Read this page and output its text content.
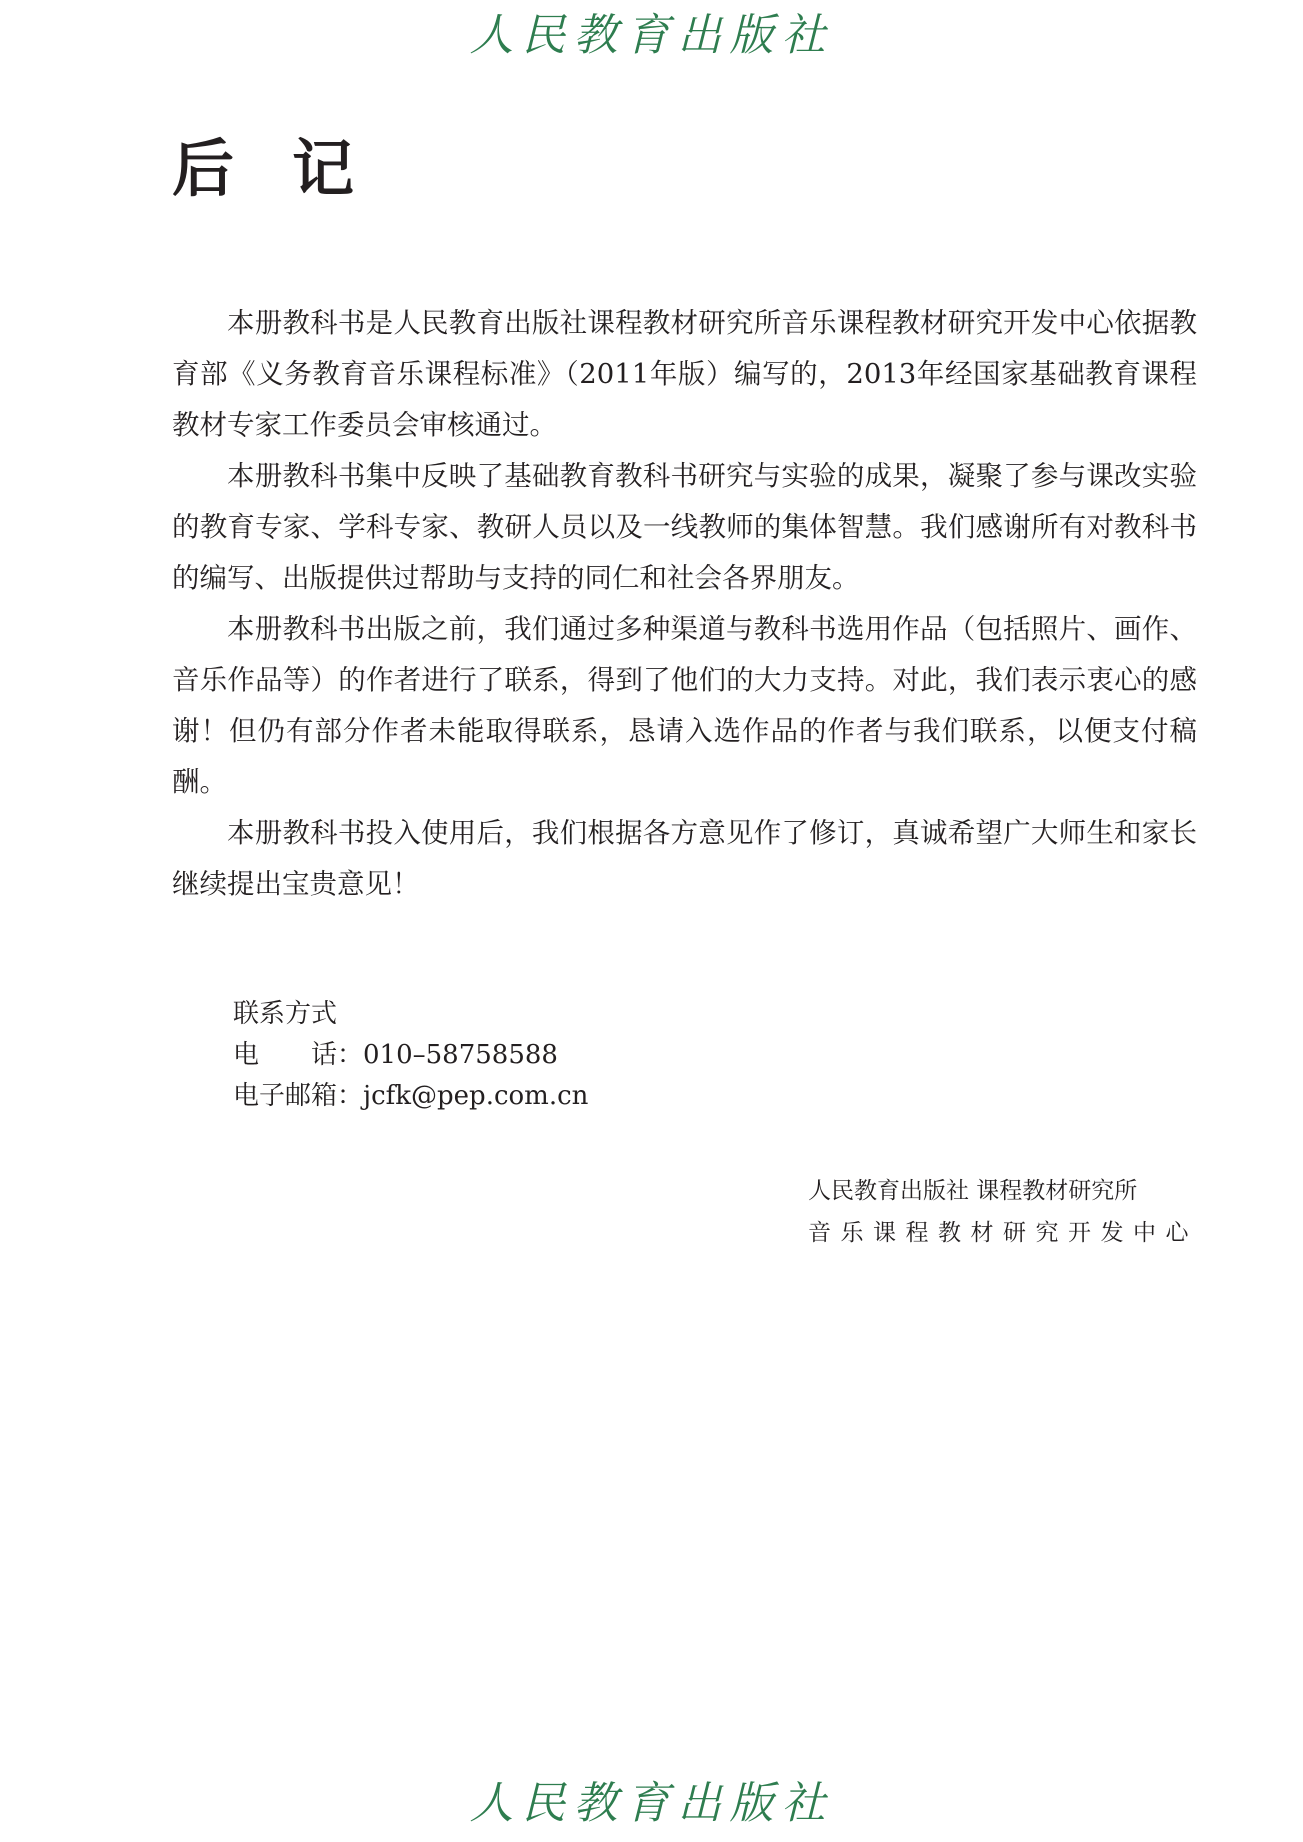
人民教育出版社
后记

本册教科书是人民教育出版社课程教材研究所音乐课程教材研究开发中心依据教育部《义务教育音乐课程标准》（2011年版）编写的，2013年经国家基础教育课程教材专家工作委员会审核通过。

本册教科书集中反映了基础教育教科书研究与实验的成果，凝聚了参与课改实验的教育专家、学科专家、教研人员以及一线教师的集体智慧。我们感谢所有对教科书的编写、出版提供过帮助与支持的同仁和社会各界朋友。

本册教科书出版之前，我们通过多种渠道与教科书选用作品（包括照片、画作、音乐作品等）的作者进行了联系，得到了他们的大力支持。对此，我们表示衷心的感谢！但仍有部分作者未能取得联系，恳请入选作品的作者与我们联系，以便支付稿酬。

本册教科书投入使用后，我们根据各方意见作了修订，真诚希望广大师生和家长继续提出宝贵意见！

联系方式
电　　话：010–58758588
电子邮箱：jcfk@pep.com.cn
人民教育出版社 课程教材研究所
音乐课程教材研究开发中心
人民教育出版社
